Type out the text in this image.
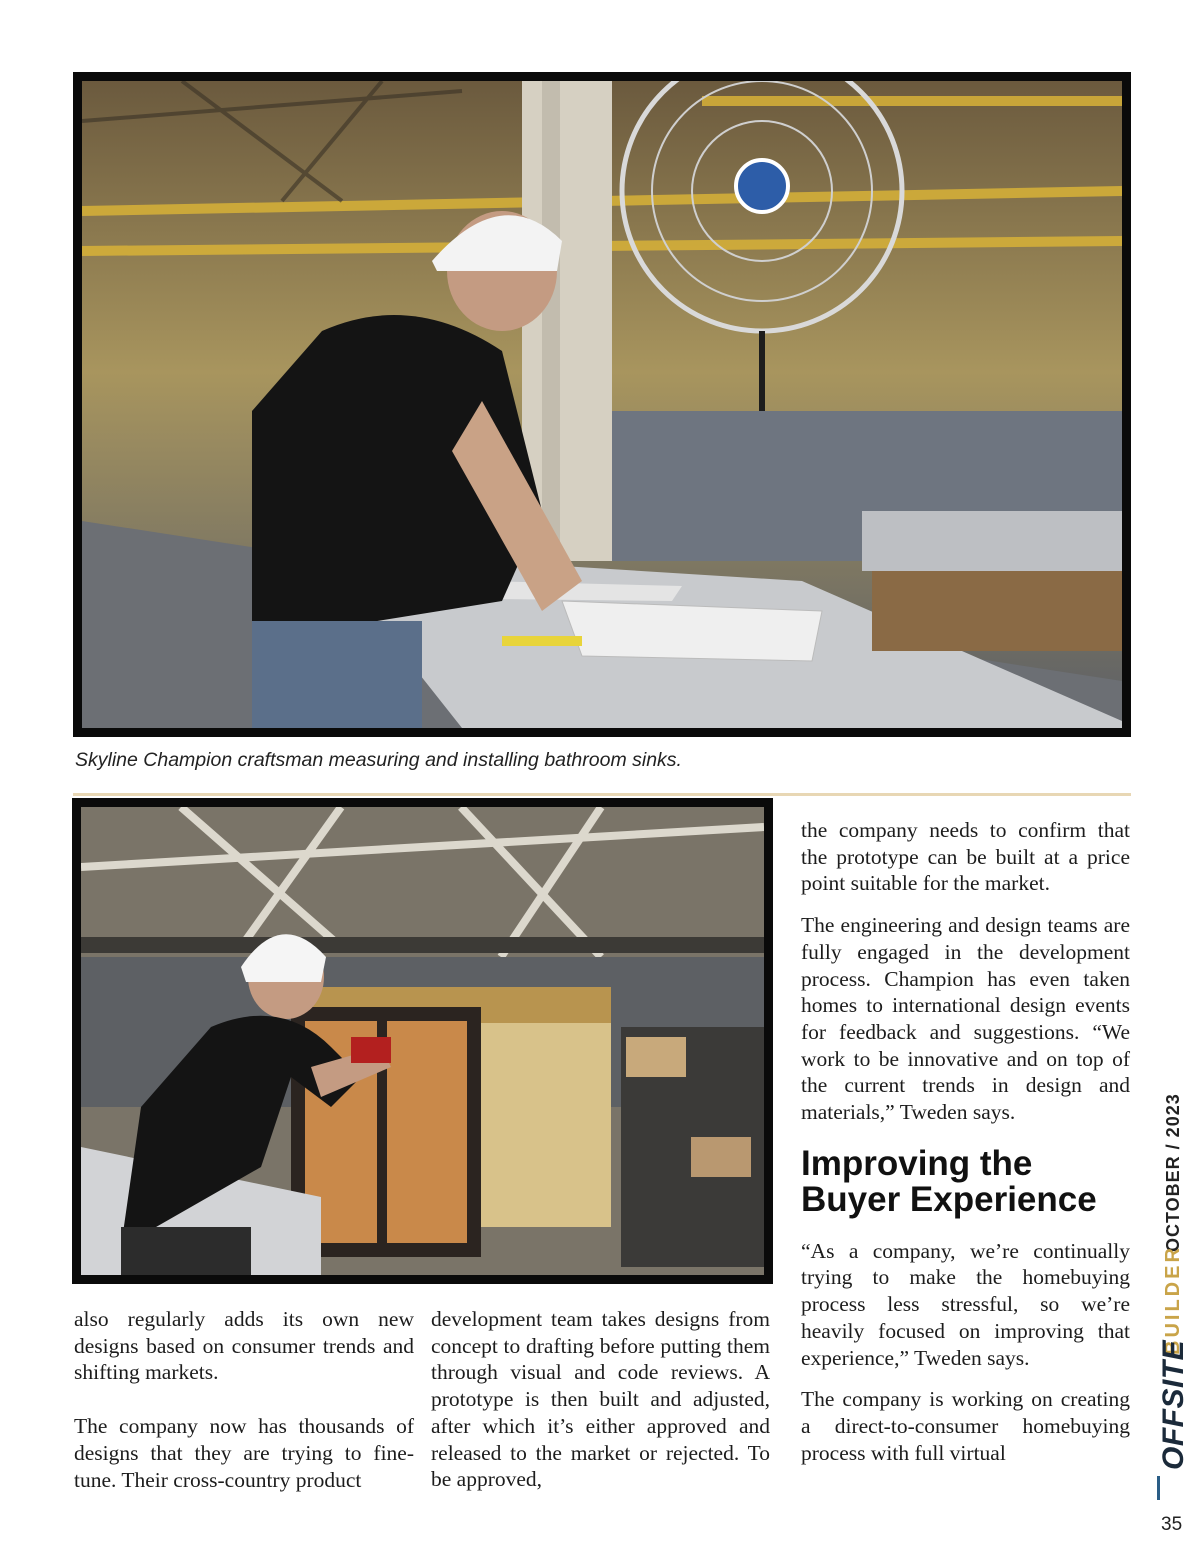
Skyline Champion craftsman measuring and installing bathroom sinks.

also regularly adds its own new designs based on consumer trends and shifting markets.

The company now has thousands of designs that they are trying to fine-tune. Their cross-country product

development team takes designs from concept to drafting before putting them through visual and code reviews. A prototype is then built and adjusted, after which it’s either approved and released to the market or rejected. To be approved,

the company needs to confirm that the prototype can be built at a price point suitable for the market.

The engineering and design teams are fully engaged in the development process. Champion has even taken homes to international design events for feedback and suggestions. “We work to be innovative and on top of the current trends in design and materials,” Tweden says.

Improving the Buyer Experience

“As a company, we’re continually trying to make the homebuying process less stressful, so we’re heavily focused on improving that experience,” Tweden says.

The company is working on creating a direct-to-consumer homebuying process with full virtual

OCTOBER / 2023
BUILDER
OFFSITE
35
